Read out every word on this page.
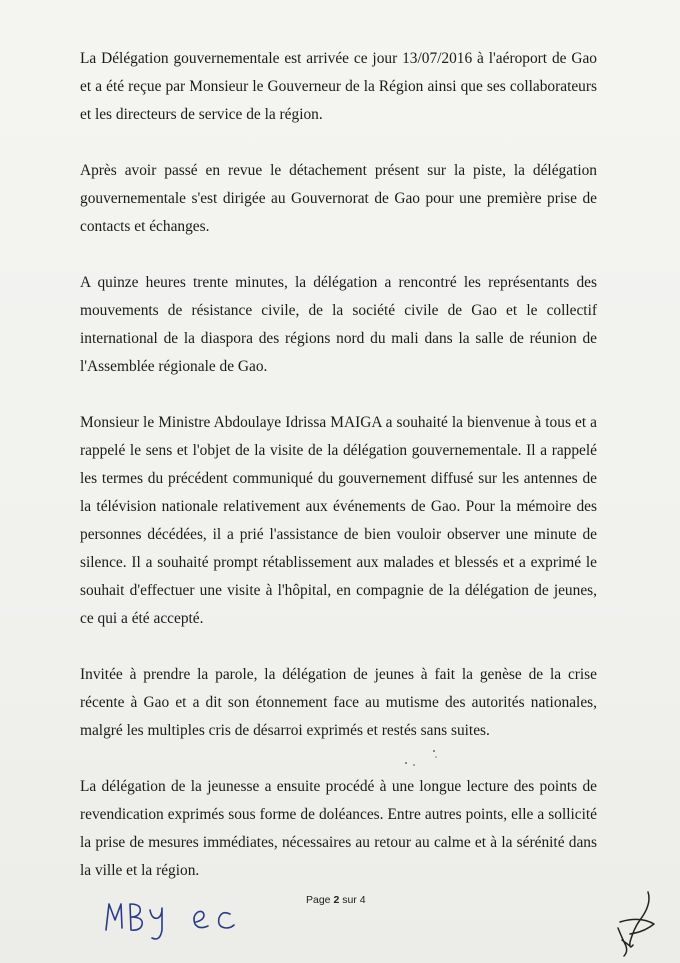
La Délégation gouvernementale est arrivée ce jour 13/07/2016 à l'aéroport de Gao et a été reçue par Monsieur le Gouverneur de la Région ainsi que ses collaborateurs et les directeurs de service de la région.

Après avoir passé en revue le détachement présent sur la piste, la délégation gouvernementale s'est dirigée au Gouvernorat de Gao pour une première prise de contacts et échanges.

A quinze heures trente minutes, la délégation a rencontré les représentants des mouvements de résistance civile, de la société civile de Gao et le collectif international de la diaspora des régions nord du mali dans la salle de réunion de l'Assemblée régionale de Gao.

Monsieur le Ministre Abdoulaye Idrissa MAIGA a souhaité la bienvenue à tous et a rappelé le sens et l'objet de la visite de la délégation gouvernementale. Il a rappelé les termes du précédent communiqué du gouvernement diffusé sur les antennes de la télévision nationale relativement aux événements de Gao. Pour la mémoire des personnes décédées, il a prié l'assistance de bien vouloir observer une minute de silence. Il a souhaité prompt rétablissement aux malades et blessés et a exprimé le souhait d'effectuer une visite à l'hôpital, en compagnie de la délégation de jeunes, ce qui a été accepté.

Invitée à prendre la parole, la délégation de jeunes à fait la genèse de la crise récente à Gao et a dit son étonnement face au mutisme des autorités nationales, malgré les multiples cris de désarroi exprimés et restés sans suites.

La délégation de la jeunesse a ensuite procédé à une longue lecture des points de revendication exprimés sous forme de doléances. Entre autres points, elle a sollicité la prise de mesures immédiates, nécessaires au retour au calme et à la sérénité dans la ville et la région.

Page 2 sur 4
